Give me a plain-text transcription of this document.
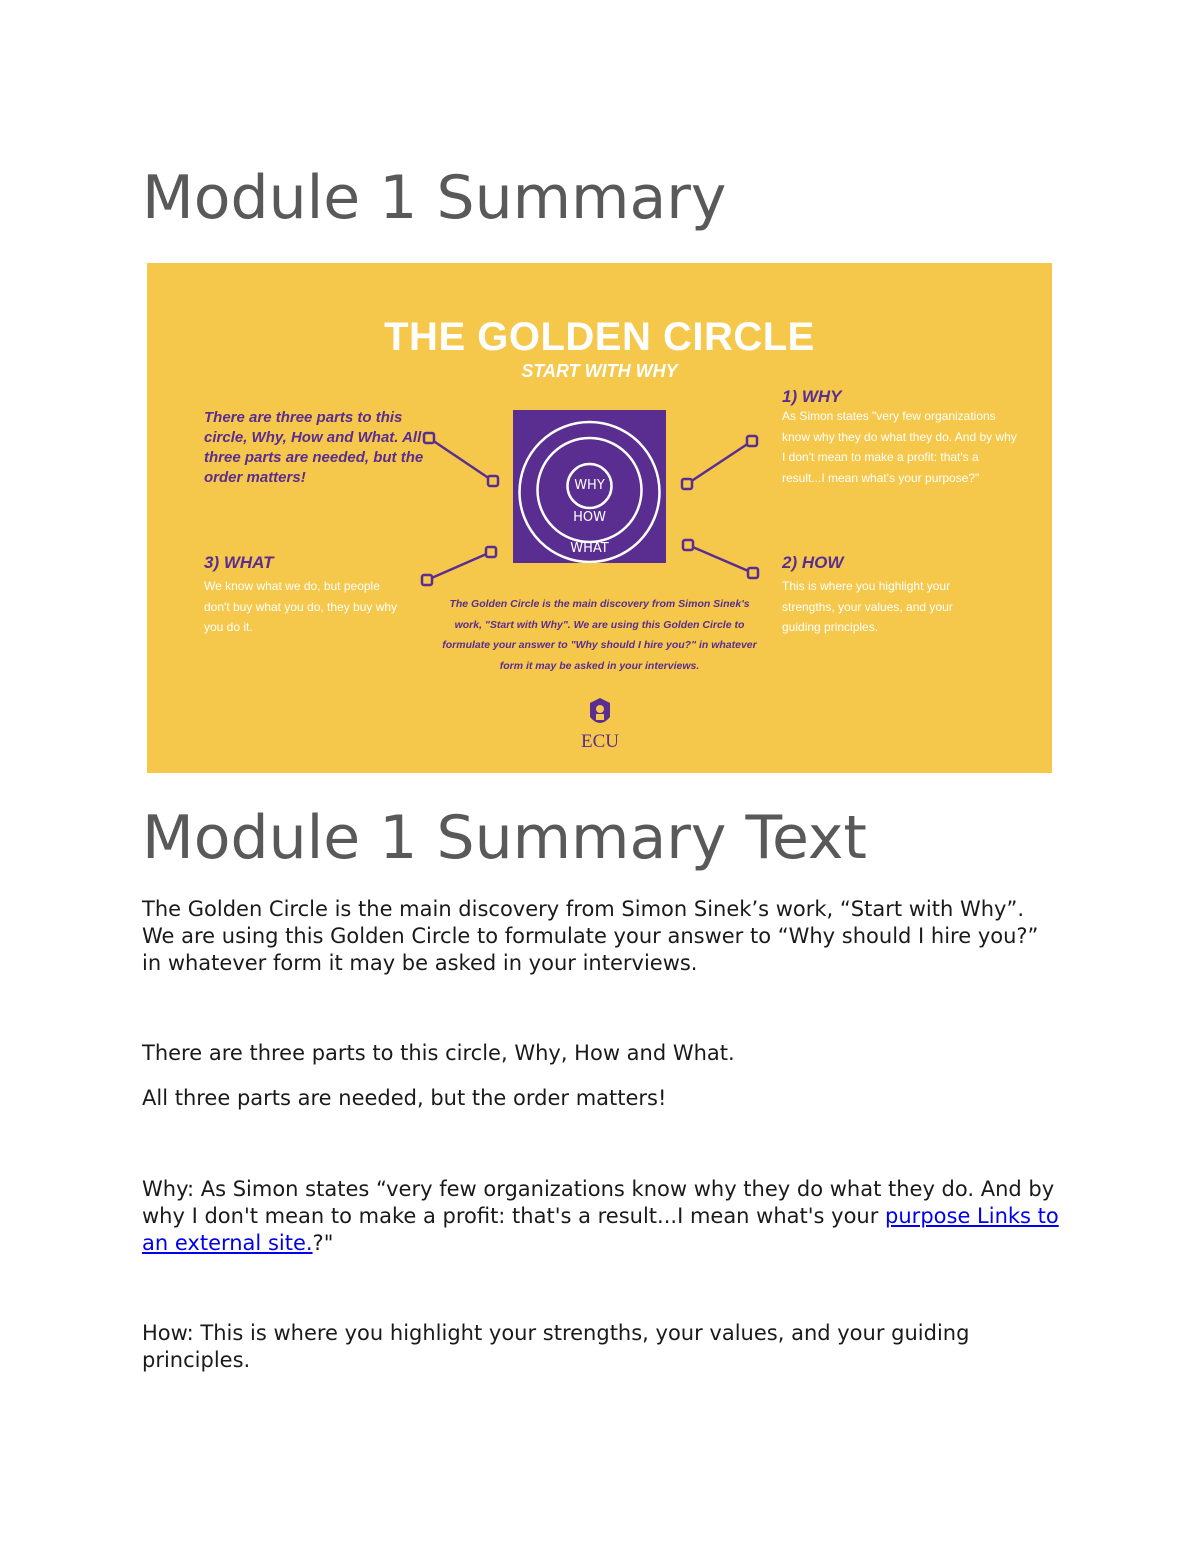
Module 1 Summary
THE GOLDEN CIRCLE
START WITH WHY
There are three parts to this circle, Why, How and What. All three parts are needed, but the order matters!
1) WHY
As Simon states "very few organizations know why they do what they do. And by why I don't mean to make a profit: that's a result...I mean what's your purpose?"
2) HOW
This is where you highlight your strengths, your values, and your guiding principles.
3) WHAT
We know what we do, but people don't buy what you do, they buy why you do it.
WHY
HOW
WHAT
The Golden Circle is the main discovery from Simon Sinek's work, "Start with Why". We are using this Golden Circle to formulate your answer to "Why should I hire you?" in whatever form it may be asked in your interviews.
ECU
Module 1 Summary Text

The Golden Circle is the main discovery from Simon Sinek’s work, “Start with Why”. We are using this Golden Circle to formulate your answer to “Why should I hire you?” in whatever form it may be asked in your interviews.

There are three parts to this circle, Why, How and What.

All three parts are needed, but the order matters!

Why: As Simon states “very few organizations know why they do what they do. And by why I don't mean to make a profit: that's a result...I mean what's your purpose Links to an external site.?"

How: This is where you highlight your strengths, your values, and your guiding principles.
